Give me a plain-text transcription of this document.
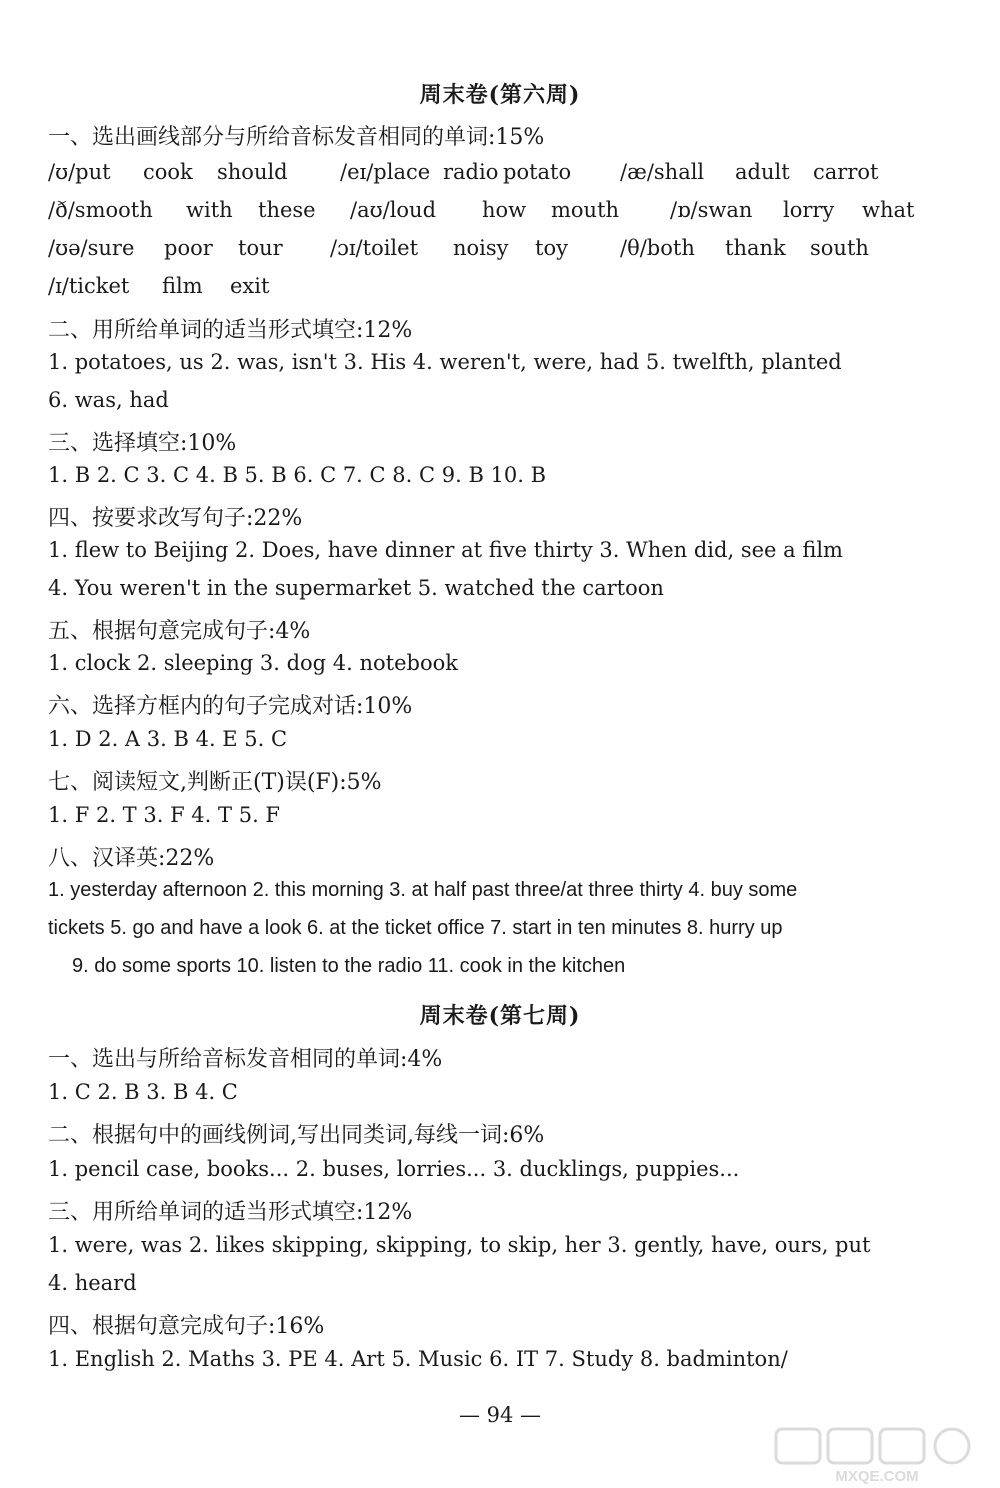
周末卷(第六周)
一、选出画线部分与所给音标发音相同的单词:15%
/ʊ/put cook should /eɪ/place radio potato /æ/shall adult carrot
/ð/smooth with these /aʊ/loud how mouth /ɒ/swan lorry what
/ʊə/sure poor tour /ɔɪ/toilet noisy toy /θ/both thank south
/ɪ/ticket film exit
二、用所给单词的适当形式填空:12%
1. potatoes, us 2. was, isn't 3. His 4. weren't, were, had 5. twelfth, planted
6. was, had
三、选择填空:10%
1. B 2. C 3. C 4. B 5. B 6. C 7. C 8. C 9. B 10. B
四、按要求改写句子:22%
1. flew to Beijing 2. Does, have dinner at five thirty 3. When did, see a film
4. You weren't in the supermarket 5. watched the cartoon
五、根据句意完成句子:4%
1. clock 2. sleeping 3. dog 4. notebook
六、选择方框内的句子完成对话:10%
1. D 2. A 3. B 4. E 5. C
七、阅读短文,判断正(T)误(F):5%
1. F 2. T 3. F 4. T 5. F
八、汉译英:22%
1. yesterday afternoon 2. this morning 3. at half past three/at three thirty 4. buy some
tickets 5. go and have a look 6. at the ticket office 7. start in ten minutes 8. hurry up
9. do some sports 10. listen to the radio 11. cook in the kitchen
周末卷(第七周)
一、选出与所给音标发音相同的单词:4%
1. C 2. B 3. B 4. C
二、根据句中的画线例词,写出同类词,每线一词:6%
1. pencil case, books... 2. buses, lorries... 3. ducklings, puppies...
三、用所给单词的适当形式填空:12%
1. were, was 2. likes skipping, skipping, to skip, her 3. gently, have, ours, put
4. heard
四、根据句意完成句子:16%
1. English 2. Maths 3. PE 4. Art 5. Music 6. IT 7. Study 8. badminton/
— 94 —
MXQE.COM
